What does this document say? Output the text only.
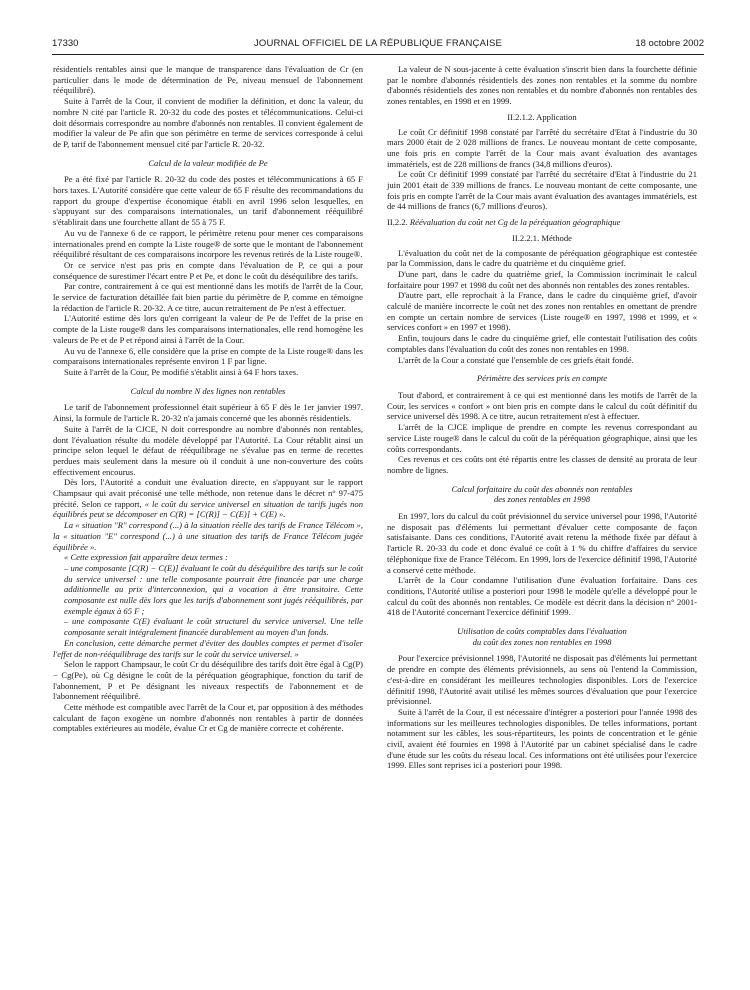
17330	JOURNAL OFFICIEL DE LA RÉPUBLIQUE FRANÇAISE	18 octobre 2002

résidentiels rentables ainsi que le manque de transparence dans l'évaluation de Cr (en particulier dans le mode de détermination de Pe, niveau mensuel de l'abonnement rééquilibré).

Suite à l'arrêt de la Cour, il convient de modifier la définition, et donc la valeur, du nombre N cité par l'article R. 20-32 du code des postes et télécommunications. Celui-ci doit désormais correspondre au nombre d'abonnés non rentables. Il convient également de modifier la valeur de Pe afin que son périmètre en terme de services corresponde à celui de P, tarif de l'abonnement mensuel cité par l'article R. 20-32.

Calcul de la valeur modifiée de Pe

Pe a été fixé par l'article R. 20-32 du code des postes et télécommunications à 65 F hors taxes. L'Autorité considère que cette valeur de 65 F résulte des recommandations du rapport du groupe d'expertise économique établi en avril 1996 selon lesquelles, en s'appuyant sur des comparaisons internationales, un tarif d'abonnement rééquilibré s'établirait dans une fourchette allant de 55 à 75 F.

Au vu de l'annexe 6 de ce rapport, le périmètre retenu pour mener ces comparaisons internationales prend en compte la Liste rouge® de sorte que le montant de l'abonnement rééquilibré résultant de ces comparaisons incorpore les revenus retirés de la Liste rouge®.

Or ce service n'est pas pris en compte dans l'évaluation de P, ce qui a pour conséquence de surestimer l'écart entre P et Pe, et donc le coût du déséquilibre des tarifs.

Par contre, contrairement à ce qui est mentionné dans les motifs de l'arrêt de la Cour, le service de facturation détaillée fait bien partie du périmètre de P, comme en témoigne la rédaction de l'article R. 20-32. A ce titre, aucun retraitement de Pe n'est à effectuer.

L'Autorité estime dès lors qu'en corrigeant la valeur de Pe de l'effet de la prise en compte de la Liste rouge® dans les comparaisons internationales, elle rend homogène les valeurs de Pe et de P et répond ainsi à l'arrêt de la Cour.

Au vu de l'annexe 6, elle considère que la prise en compte de la Liste rouge® dans les comparaisons internationales représente environ 1 F par ligne.

Suite à l'arrêt de la Cour, Pe modifié s'établit ainsi à 64 F hors taxes.

Calcul du nombre N des lignes non rentables

Le tarif de l'abonnement professionnel était supérieur à 65 F dès le 1er janvier 1997. Ainsi, la formule de l'article R. 20-32 n'a jamais concerné que les abonnés résidentiels.

Suite à l'arrêt de la CJCE, N doit correspondre au nombre d'abonnés non rentables, dont l'évaluation résulte du modèle développé par l'Autorité. La Cour rétablit ainsi un principe selon lequel le défaut de rééquilibrage ne s'évalue pas en terme de recettes perdues mais seulement dans la mesure où il conduit à une non-couverture des coûts effectivement encourus.

Dès lors, l'Autorité a conduit une évaluation directe, en s'appuyant sur le rapport Champsaur qui avait préconisé une telle méthode, non retenue dans le décret n° 97-475 précité. Selon ce rapport, « le coût du service universel en situation de tarifs jugés non équilibrés peut se décomposer en C(R) = [C(R)] − C(E)] + C(E) ».

La « situation "R" correspond (...) à la situation réelle des tarifs de France Télécom », la « situation "E" correspond (...) à une situation des tarifs de France Télécom jugée équilibrée ».

« Cette expression fait apparaître deux termes :

– une composante [C(R) − C(E)] évaluant le coût du déséquilibre des tarifs sur le coût du service universel : une telle composante pourrait être financée par une charge additionnelle au prix d'interconnexion, qui a vocation à être transitoire. Cette composante est nulle dès lors que les tarifs d'abonnement sont jugés rééquilibrés, par exemple égaux à 65 F ;

– une composante C(E) évaluant le coût structurel du service universel. Une telle composante serait intégralement financée durablement au moyen d'un fonds.

En conclusion, cette démarche permet d'éviter des doubles comptes et permet d'isoler l'effet de non-rééquilibrage des tarifs sur le coût du service universel. »

Selon le rapport Champsaur, le coût Cr du déséquilibre des tarifs doit être égal à Cg(P) − Cg(Pe), où Cg désigne le coût de la péréquation géographique, fonction du tarif de l'abonnement, P et Pe désignant les niveaux respectifs de l'abonnement et de l'abonnement rééquilibré.

Cette méthode est compatible avec l'arrêt de la Cour et, par opposition à des méthodes calculant de façon exogène un nombre d'abonnés non rentables à partir de données comptables extérieures au modèle, évalue Cr et Cg de manière correcte et cohérente.

La valeur de N sous-jacente à cette évaluation s'inscrit bien dans la fourchette définie par le nombre d'abonnés résidentiels des zones non rentables et la somme du nombre d'abonnés résidentiels des zones non rentables et du nombre d'abonnés non rentables des zones rentables, en 1998 et en 1999.

II.2.1.2. Application

Le coût Cr définitif 1998 constaté par l'arrêté du secrétaire d'Etat à l'industrie du 30 mars 2000 était de 2 028 millions de francs. Le nouveau montant de cette composante, une fois pris en compte l'arrêt de la Cour mais avant évaluation des avantages immatériels, est de 228 millions de francs (34,8 millions d'euros).

Le coût Cr définitif 1999 constaté par l'arrêté du secrétaire d'Etat à l'industrie du 21 juin 2001 était de 339 millions de francs. Le nouveau montant de cette composante, une fois pris en compte l'arrêt de la Cour mais avant évaluation des avantages immatériels, est de 44 millions de francs (6,7 millions d'euros).

II.2.2. Réévaluation du coût net Cg de la péréquation géographique
II.2.2.1. Méthode

L'évaluation du coût net de la composante de péréquation géographique est contestée par la Commission, dans le cadre du quatrième et du cinquième grief.

D'une part, dans le cadre du quatrième grief, la Commission incriminait le calcul forfaitaire pour 1997 et 1998 du coût net des abonnés non rentables des zones rentables.

D'autre part, elle reprochait à la France, dans le cadre du cinquième grief, d'avoir calculé de manière incorrecte le coût net des zones non rentables en omettant de prendre en compte un certain nombre de services (Liste rouge® en 1997, 1998 et 1999, et « services confort » en 1997 et 1998).

Enfin, toujours dans le cadre du cinquième grief, elle contestait l'utilisation des coûts comptables dans l'évaluation du coût des zones non rentables en 1998.

L'arrêt de la Cour a constaté que l'ensemble de ces griefs était fondé.

Périmètre des services pris en compte

Tout d'abord, et contrairement à ce qui est mentionné dans les motifs de l'arrêt de la Cour, les services « confort » ont bien pris en compte dans le calcul du coût définitif du service universel dès 1998. A ce titre, aucun retraitement n'est à effectuer.

L'arrêt de la CJCE implique de prendre en compte les revenus correspondant au service Liste rouge® dans le calcul du coût de la péréquation géographique, ainsi que les coûts correspondants.

Ces revenus et ces coûts ont été répartis entre les classes de densité au prorata de leur nombre de lignes.

Calcul forfaitaire du coût des abonnés non rentables
des zones rentables en 1998

En 1997, lors du calcul du coût prévisionnel du service universel pour 1998, l'Autorité ne disposait pas d'éléments lui permettant d'évaluer cette composante de façon satisfaisante. Dans ces conditions, l'Autorité avait retenu la méthode fixée par défaut à l'article R. 20-33 du code et donc évalué ce coût à 1 % du chiffre d'affaires du service téléphonique fixe de France Télécom. En 1999, lors de l'exercice définitif 1998, l'Autorité a conservé cette méthode.

L'arrêt de la Cour condamne l'utilisation d'une évaluation forfaitaire. Dans ces conditions, l'Autorité utilise a posteriori pour 1998 le modèle qu'elle a développé pour le calcul du coût des abonnés non rentables. Ce modèle est décrit dans la décision n° 2001-418 de l'Autorité concernant l'exercice définitif 1999.

Utilisation de coûts comptables dans l'évaluation
du coût des zones non rentables en 1998

Pour l'exercice prévisionnel 1998, l'Autorité ne disposait pas d'éléments lui permettant de prendre en compte des éléments prévisionnels, au sens où l'entend la Commission, c'est-à-dire en considérant les meilleures technologies disponibles. Lors de l'exercice définitif 1998, l'Autorité avait utilisé les mêmes sources d'évaluation que pour l'exercice prévisionnel.

Suite à l'arrêt de la Cour, il est nécessaire d'intégrer a posteriori pour l'année 1998 des informations sur les meilleures technologies disponibles. De telles informations, portant notamment sur les câbles, les sous-répartiteurs, les points de concentration et le génie civil, avaient été fournies en 1998 à l'Autorité par un cabinet spécialisé dans le cadre d'une étude sur les coûts du réseau local. Ces informations ont été utilisées pour l'exercice 1999. Elles sont reprises ici a posteriori pour 1998.
